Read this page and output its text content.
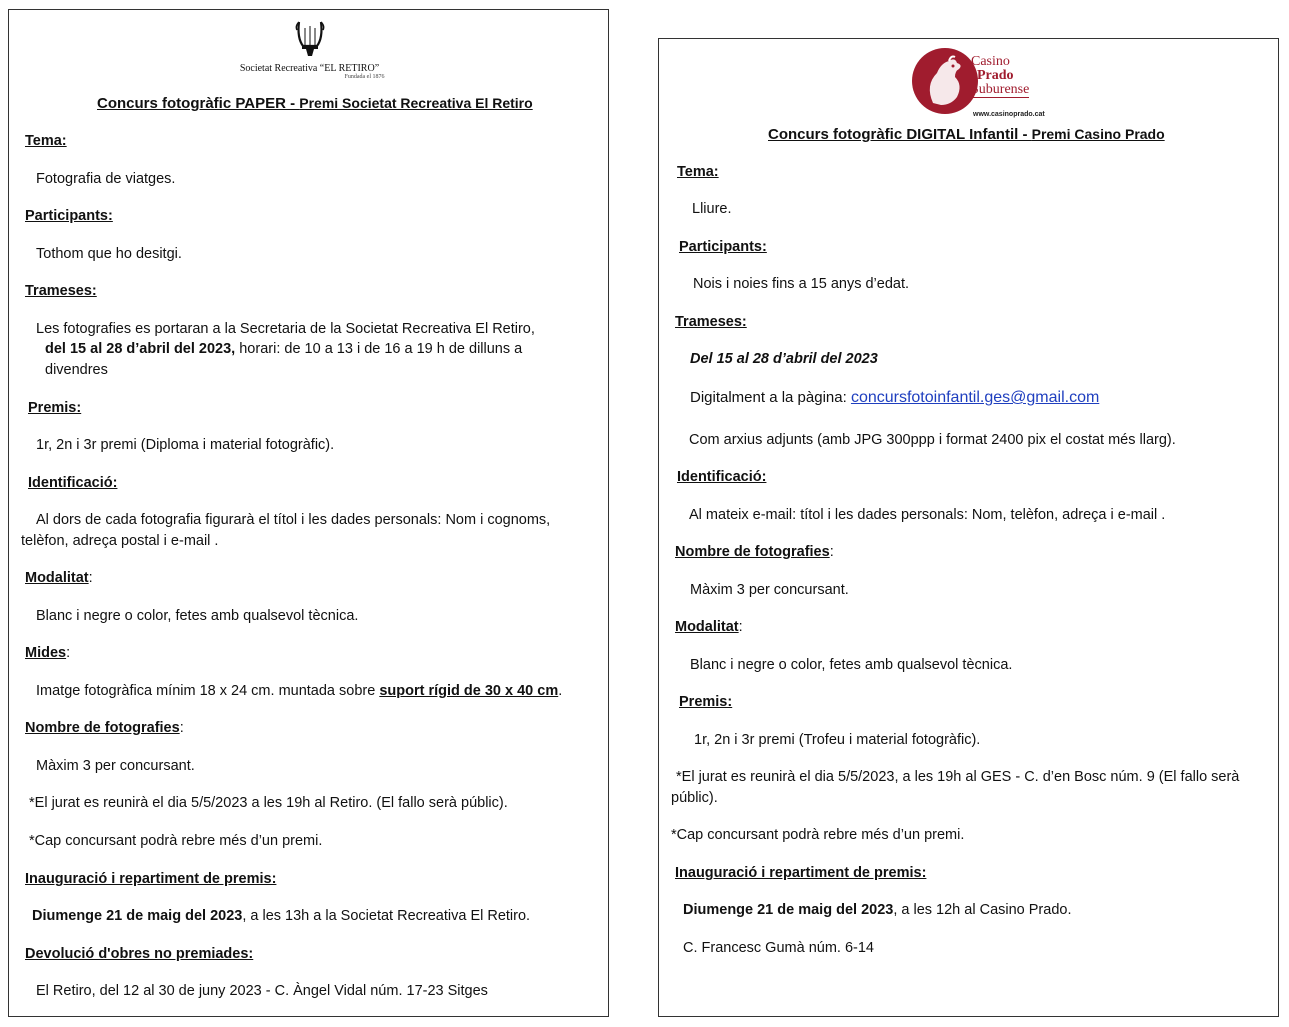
Societat Recreativa “EL RETIRO”
Fundada el 1876
Concurs fotogràfic PAPER - Premi Societat Recreativa El Retiro
Tema:
Fotografia de viatges.
Participants:
Tothom que ho desitgi.
Trameses:
Les fotografies es portaran a la Secretaria de la Societat Recreativa El Retiro,
del 15 al 28 d’abril del 2023, horari: de 10 a 13 i de 16 a 19 h de dilluns a
divendres
Premis:
1r, 2n i 3r premi (Diploma i material fotogràfic).
Identificació:
Al dors de cada fotografia figurarà el títol i les dades personals: Nom i cognoms, telèfon, adreça postal i e-mail .
Modalitat:
Blanc i negre o color, fetes amb qualsevol tècnica.
Mides:
Imatge fotogràfica mínim 18 x 24 cm. muntada sobre suport rígid de 30 x 40 cm.
Nombre de fotografies:
Màxim 3 per concursant.
*El jurat es reunirà el dia 5/5/2023 a les 19h al Retiro. (El fallo serà públic).
*Cap concursant podrà rebre més d’un premi.
Inauguració i repartiment de premis:
Diumenge 21 de maig del 2023, a les 13h a la Societat Recreativa El Retiro.
Devolució d'obres no premiades:
El Retiro, del 12 al 30 de juny 2023 - C. Àngel Vidal núm. 17-23 Sitges
Casino
Prado
Suburense
www.casinoprado.cat
Concurs fotogràfic DIGITAL Infantil - Premi Casino Prado
Tema:
Lliure.
Participants:
Nois i noies fins a 15 anys d’edat.
Trameses:
Del 15 al 28 d’abril del 2023
Digitalment a la pàgina: concursfotoinfantil.ges@gmail.com
Com arxius adjunts (amb JPG 300ppp i format 2400 pix el costat més llarg).
Identificació:
Al mateix e-mail: títol i les dades personals: Nom, telèfon, adreça i e-mail .
Nombre de fotografies:
Màxim 3 per concursant.
Modalitat:
Blanc i negre o color, fetes amb qualsevol tècnica.
Premis:
1r, 2n i 3r premi (Trofeu i material fotogràfic).
*El jurat es reunirà el dia 5/5/2023, a les 19h al GES - C. d’en Bosc núm. 9 (El fallo serà públic).
*Cap concursant podrà rebre més d’un premi.
Inauguració i repartiment de premis:
Diumenge 21 de maig del 2023, a les 12h al Casino Prado.
C. Francesc Gumà núm. 6-14
